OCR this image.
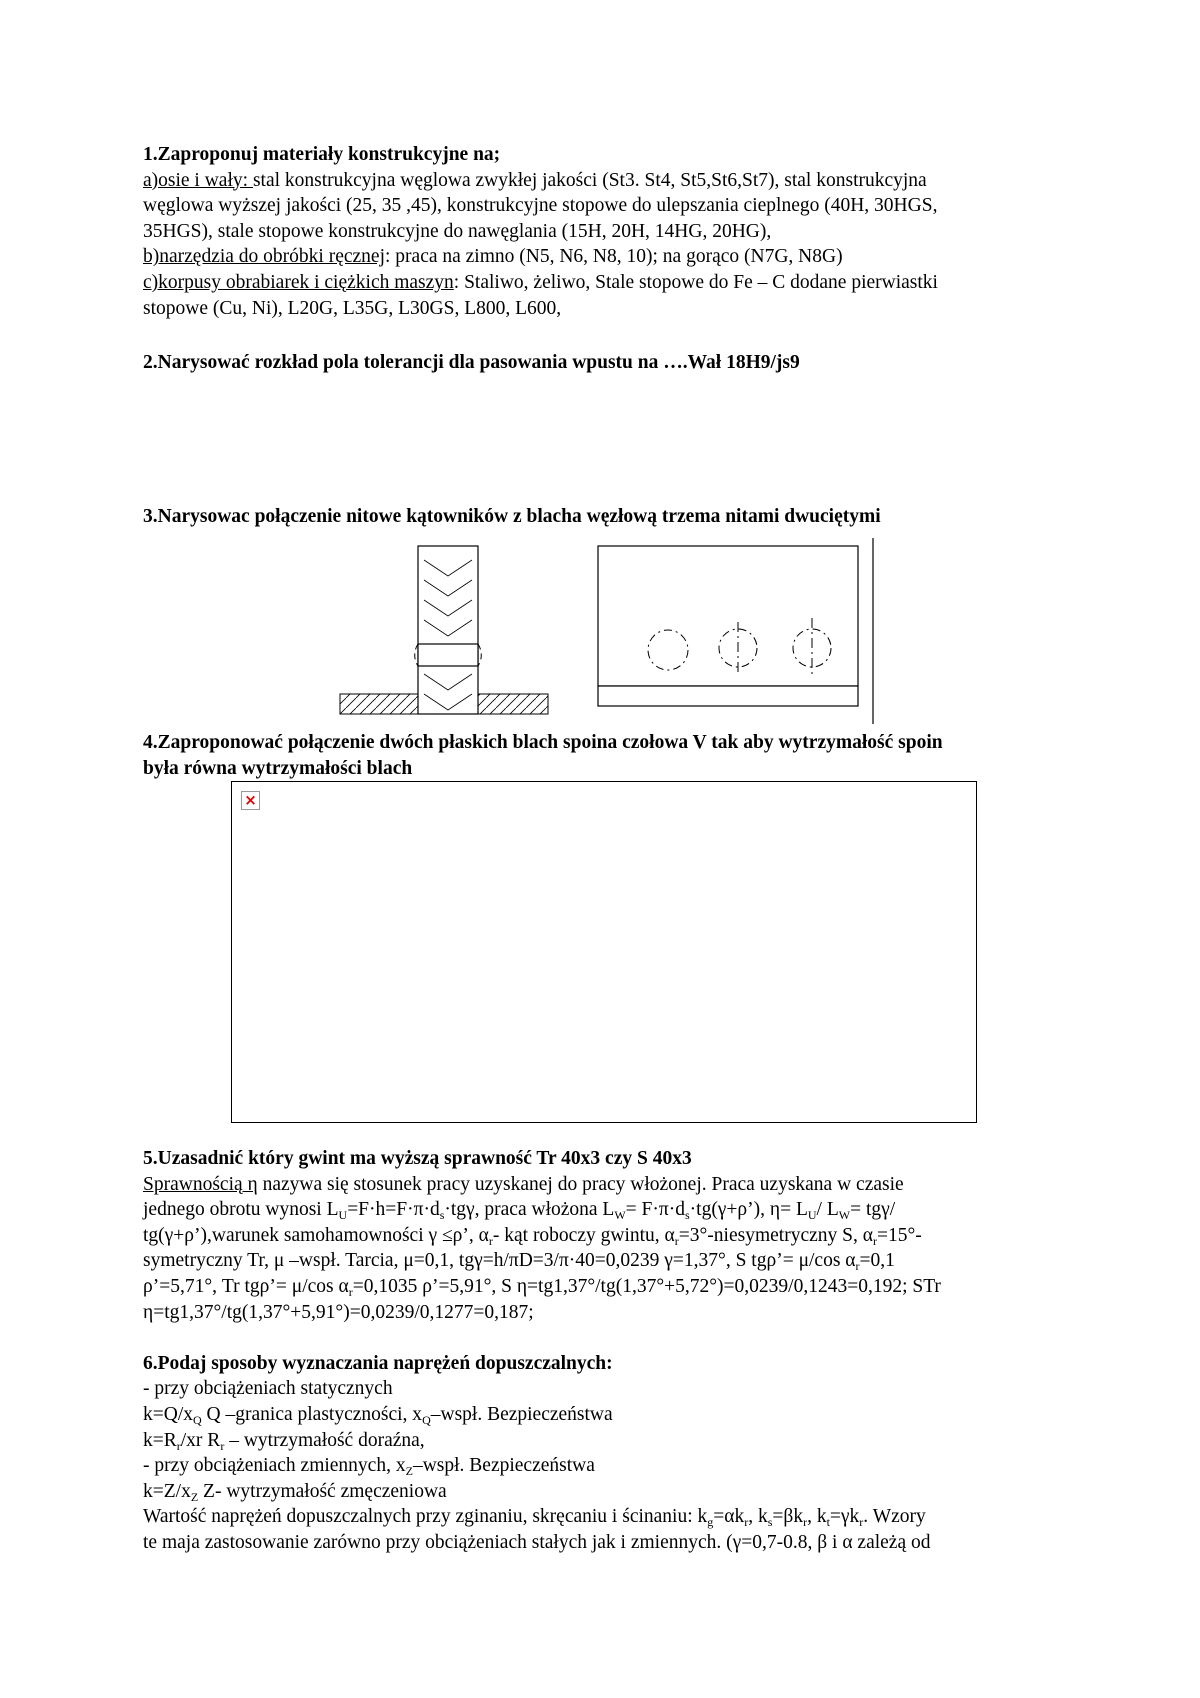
1.Zaproponuj materiały konstrukcyjne na;
a)osie i wały: stal konstrukcyjna węglowa zwykłej jakości (St3. St4, St5,St6,St7), stal konstrukcyjna
węglowa wyższej jakości (25, 35 ,45), konstrukcyjne stopowe do ulepszania cieplnego (40H, 30HGS,
35HGS), stale stopowe konstrukcyjne do nawęglania (15H, 20H, 14HG, 20HG),
b)narzędzia do obróbki ręcznej: praca na zimno (N5, N6, N8, 10); na gorąco (N7G, N8G)
c)korpusy obrabiarek i ciężkich maszyn: Staliwo, żeliwo, Stale stopowe do Fe – C dodane pierwiastki
stopowe (Cu, Ni), L20G, L35G, L30GS, L800, L600,
2.Narysować rozkład pola tolerancji dla pasowania wpustu na ….Wał 18H9/js9
3.Narysowac połączenie nitowe kątowników z blacha węzłową trzema nitami dwuciętymi
4.Zaproponować połączenie dwóch płaskich blach spoina czołowa V tak aby wytrzymałość spoin
była równa wytrzymałości blach
×
5.Uzasadnić który gwint ma wyższą sprawność Tr 40x3 czy S 40x3
Sprawnością η nazywa się stosunek pracy uzyskanej do pracy włożonej. Praca uzyskana w czasie
jednego obrotu wynosi $L_U=F\cdot h=F\cdot\pi\cdot d_s\cdot tg\gamma$, praca włożona $L_W=$ $F\cdot\pi\cdot d_s\cdot tg(\gamma+\rho’)$, $\eta= L_U/$ $L_W= tg\gamma/$
tg(γ+ρ’),warunek samohamowności γ ≤ρ’, $\alpha_r-$ kąt roboczy gwintu, $\alpha_r=3^\circ$-niesymetryczny S, $\alpha_r=15^\circ-$
symetryczny Tr, μ –wspł. Tarcia, μ=0,1, tgγ=h/πD=3/π·40=0,0239 γ=1,37°, S tgρ’= μ/cos $\alpha_r=0,1$
ρ’=5,71°, Tr tgρ’= μ/cos $\alpha_r=0,1035$ ρ’=5,91°, S η=tg1,37°/tg(1,37°+5,72°)=0,0239/0,1243=0,192; STr
η=tg1,37°/tg(1,37°+5,91°)=0,0239/0,1277=0,187;
6.Podaj sposoby wyznaczania naprężeń dopuszczalnych:
- przy obciążeniach statycznych
$k=Q/x_Q$ Q –granica plastyczności, $x_Q$–wspł. Bezpieczeństwa
$k=R_r/xr$ $R_r$ – wytrzymałość doraźna,
- przy obciążeniach zmiennych, $x_Z$–wspł. Bezpieczeństwa
$k=Z/x_Z$ Z- wytrzymałość zmęczeniowa
Wartość naprężeń dopuszczalnych przy zginaniu, skręcaniu i ścinaniu: $k_g=\alpha k_r$, $k_s=\beta k_r$, $k_t=\gamma k_r$. Wzory
te maja zastosowanie zarówno przy obciążeniach stałych jak i zmiennych. (γ=0,7-0.8, β i α zależą od
